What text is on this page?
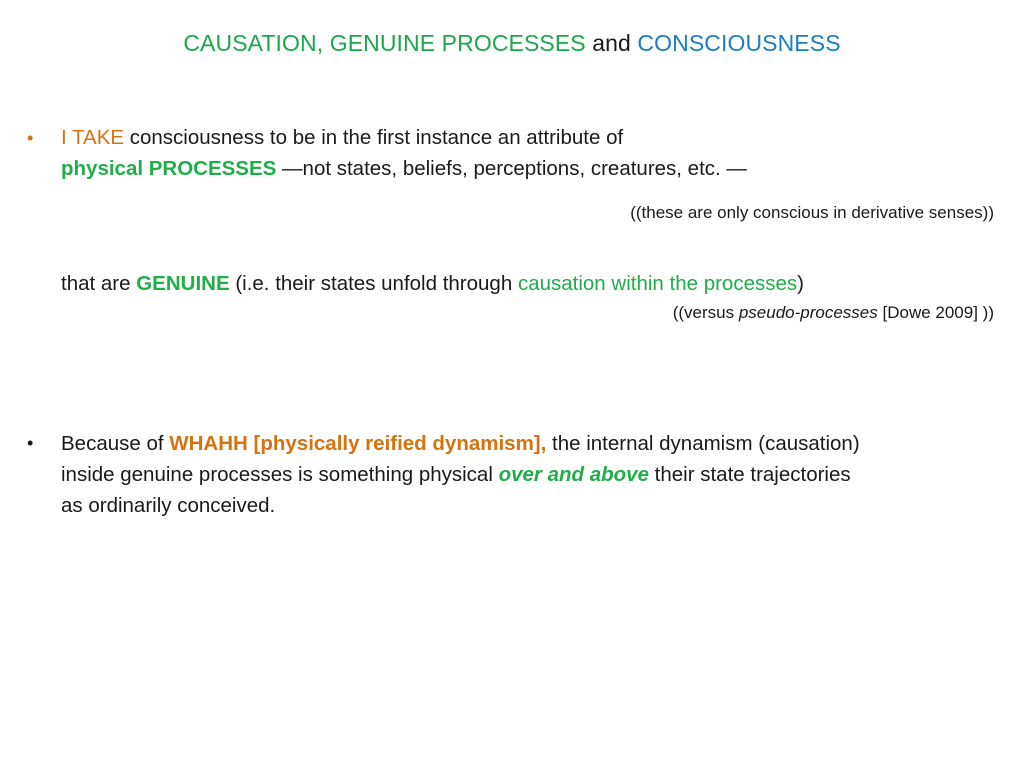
CAUSATION, GENUINE PROCESSES and CONSCIOUSNESS
• I TAKE consciousness to be in the first instance an attribute of
physical PROCESSES —not states, beliefs, perceptions, creatures, etc. —
((these are only conscious in derivative senses))
that are GENUINE (i.e. their states unfold through causation within the processes)
((versus pseudo-processes [Dowe 2009] ))
• Because of WHAHH [physically reified dynamism], the internal dynamism (causation)
inside genuine processes is something physical over and above their state trajectories
as ordinarily conceived.
